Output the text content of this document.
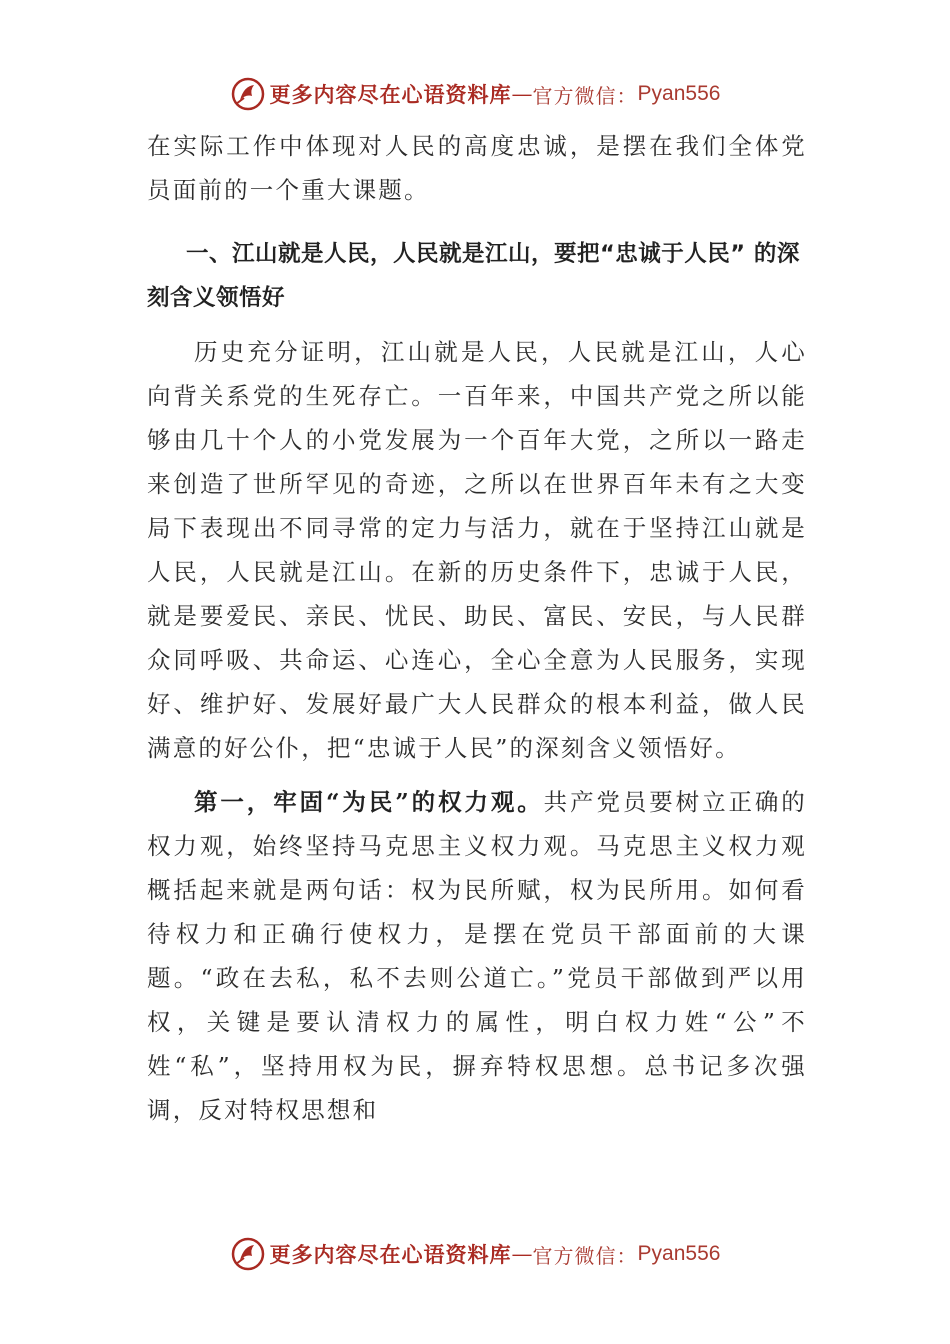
更多内容尽在心语资料库 — 官方微信： Pyan556

在实际工作中体现对人民的高度忠诚，是摆在我们全体党员面前的一个重大课题。

一、江山就是人民，人民就是江山，要把“忠诚于人民” 的深刻含义领悟好

历史充分证明，江山就是人民，人民就是江山，人心向背关系党的生死存亡。一百年来，中国共产党之所以能够由几十个人的小党发展为一个百年大党，之所以一路走来创造了世所罕见的奇迹，之所以在世界百年未有之大变局下表现出不同寻常的定力与活力，就在于坚持江山就是人民，人民就是江山。在新的历史条件下，忠诚于人民，就是要爱民、亲民、忧民、助民、富民、安民，与人民群众同呼吸、共命运、心连心，全心全意为人民服务，实现好、维护好、发展好最广大人民群众的根本利益，做人民满意的好公仆，把“忠诚于人民”的深刻含义领悟好。

第一，牢固“为民”的权力观。共产党员要树立正确的权力观，始终坚持马克思主义权力观。马克思主义权力观概括起来就是两句话：权为民所赋，权为民所用。如何看待权力和正确行使权力，是摆在党员干部面前的大课题。“政在去私，私不去则公道亡。”党员干部做到严以用权，关键是要认清权力的属性，明白权力姓“公”不姓“私”，坚持用权为民，摒弃特权思想。总书记多次强调，反对特权思想和

更多内容尽在心语资料库 — 官方微信： Pyan556
